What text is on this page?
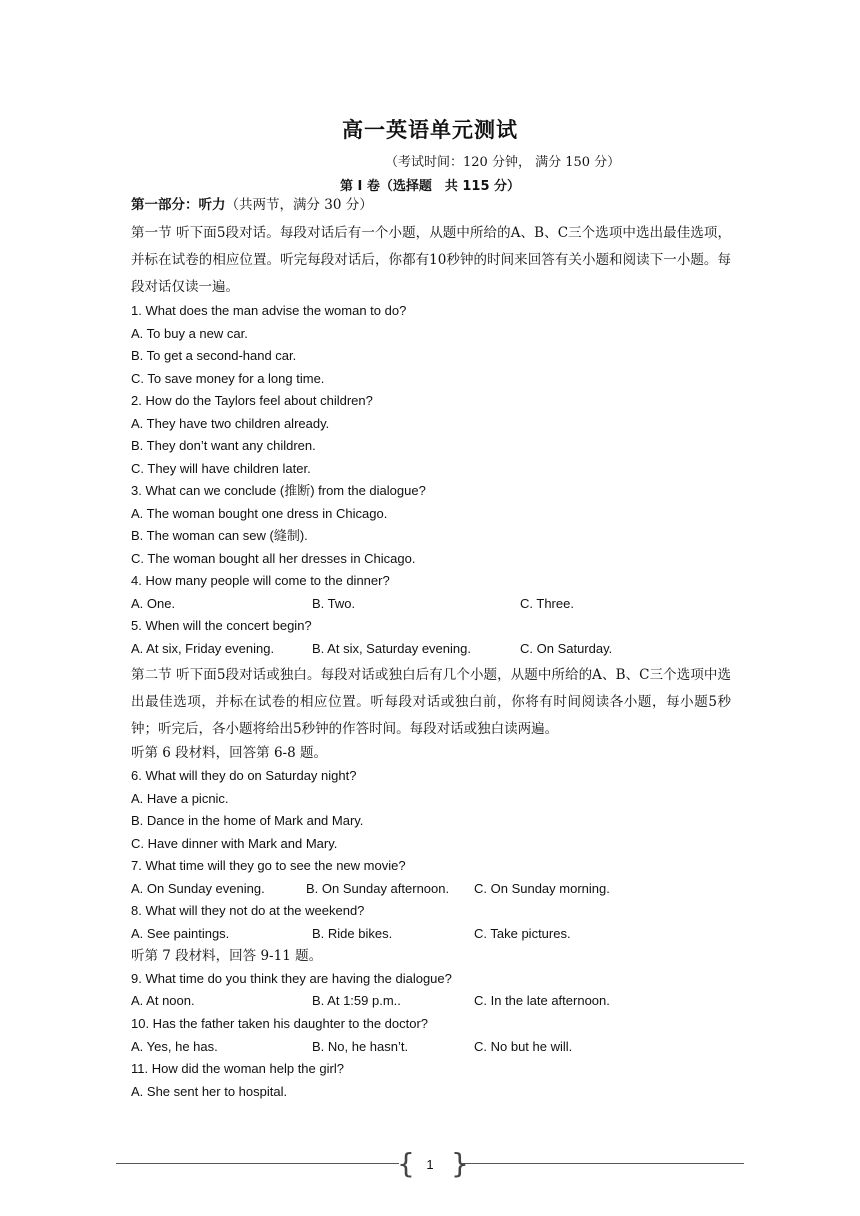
高一英语单元测试
（考试时间：120 分钟， 满分 150 分）
第 I 卷（选择题　共 115 分）
第一部分：听力（共两节，满分 30 分）
第一节 听下面5段对话。每段对话后有一个小题，从题中所给的A、B、C三个选项中选出最佳选项，并标在试卷的相应位置。听完每段对话后，你都有10秒钟的时间来回答有关小题和阅读下一小题。每段对话仅读一遍。
1. What does the man advise the woman to do?
A. To buy a new car.
B. To get a second-hand car.
C. To save money for a long time.
2. How do the Taylors feel about children?
A. They have two children already.
B. They don’t want any children.
C. They will have children later.
3. What can we conclude (推断) from the dialogue?
A. The woman bought one dress in Chicago.
B. The woman can sew (缝制).
C. The woman bought all her dresses in Chicago.
4. How many people will come to the dinner?
A. One.	B. Two.	C. Three.
5. When will the concert begin?
A. At six, Friday evening.	B. At six, Saturday evening.	C. On Saturday.
第二节 听下面5段对话或独白。每段对话或独白后有几个小题，从题中所给的A、B、C三个选项中选出最佳选项，并标在试卷的相应位置。听每段对话或独白前，你将有时间阅读各小题，每小题5秒钟；听完后，各小题将给出5秒钟的作答时间。每段对话或独白读两遍。
听第 6 段材料，回答第 6-8 题。
6. What will they do on Saturday night?
A. Have a picnic.
B. Dance in the home of Mark and Mary.
C. Have dinner with Mark and Mary.
7. What time will they go to see the new movie?
A. On Sunday evening.	B. On Sunday afternoon. C. On Sunday morning.
8. What will they not do at the weekend?
A. See paintings.	B. Ride bikes.	C. Take pictures.
听第 7 段材料，回答 9-11 题。
9. What time do you think they are having the dialogue?
A. At noon.	B. At 1:59 p.m..	C. In the late afternoon.
10. Has the father taken his daughter to the doctor?
A. Yes, he has.	B. No, he hasn’t.	C. No but he will.
11. How did the woman help the girl?
A. She sent her to hospital.
{ }
1
